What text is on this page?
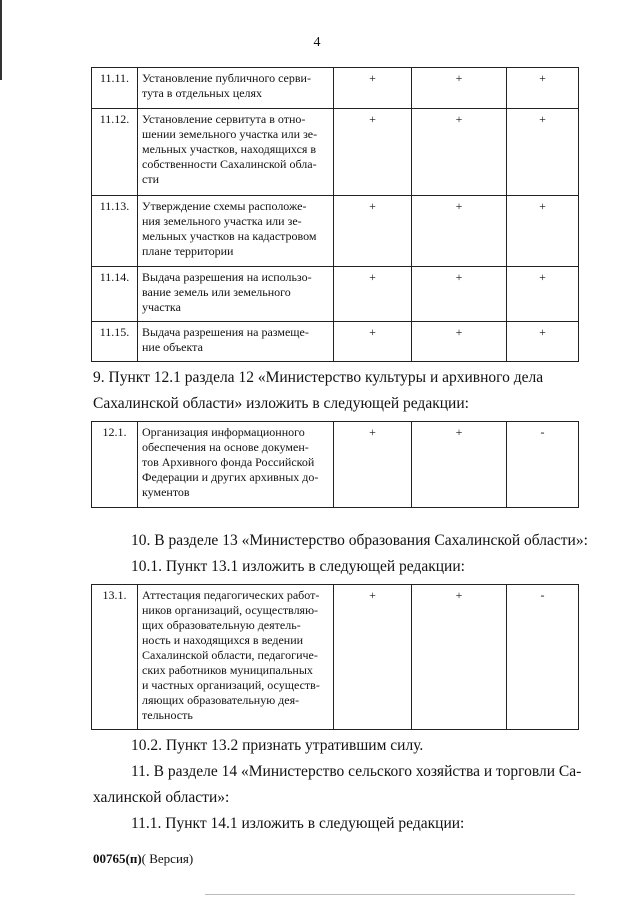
4
11.11.	Установление публичного серви-
тута в отдельных целях	+	+	+
11.12.	Установление сервитута в отно-
шении земельного участка или зе-
мельных участков, находящихся в
собственности Сахалинской обла-
сти	+	+	+
11.13.	Утверждение схемы расположе-
ния земельного участка или зе-
мельных участков на кадастровом
плане территории	+	+	+
11.14.	Выдача разрешения на использо-
вание земель или земельного
участка	+	+	+
11.15.	Выдача разрешения на размеще-
ние объекта	+	+	+
9. Пункт 12.1 раздела 12 «Министерство культуры и архивного дела
Сахалинской области» изложить в следующей редакции:
12.1.	Организация информационного
обеспечения на основе докумен-
тов Архивного фонда Российской
Федерации и других архивных до-
кументов
	+	+	-
10. В разделе 13 «Министерство образования Сахалинской области»:
10.1. Пункт 13.1 изложить в следующей редакции:
13.1.	Аттестация педагогических работ-
ников организаций, осуществляю-
щих образовательную деятель-
ность и находящихся в ведении
Сахалинской области, педагогиче-
ских работников муниципальных
и частных организаций, осуществ-
ляющих образовательную дея-
тельность
	+	+	-
10.2. Пункт 13.2 признать утратившим силу.
11. В разделе 14 «Министерство сельского хозяйства и торговли Са-
халинской области»:
11.1. Пункт 14.1 изложить в следующей редакции:
00765(п)( Версия)
